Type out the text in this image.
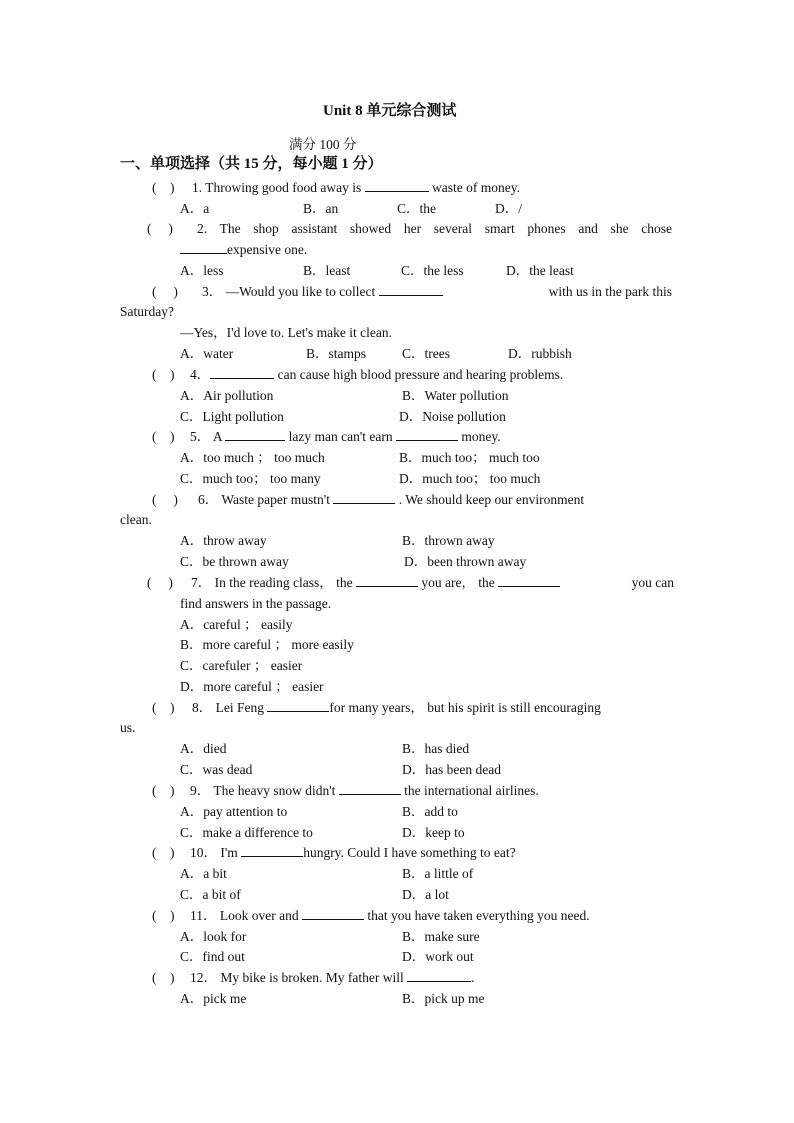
Unit 8 单元综合测试
满分 100 分
一、单项选择（共 15 分，每小题 1 分）
( ) 1. Throwing good food away is	waste of money.
A．a	B．an	C．the	D．/
( ) 2. The shop assistant showed her several smart phones and she chose
expensive one.
A．less	B．least	C．the less	D．the least
( ) 3． —Would you like to collect	with us in the park this
Saturday?
—Yes，I'd love to. Let's make it clean.
A．water	B．stamps	C．trees	D．rubbish
( ) 4．	can cause high blood pressure and hearing problems.
A．Air pollution	B．Water pollution
C．Light pollution	D．Noise pollution
( ) 5． A	lazy man can't earn	money.
A．too much ； too much	B．much too； much too
C．much too； too many	D．much too； too much
( ) 6． Waste paper mustn't	. We should keep our environment
clean.
A．throw away	B．thrown away
C．be thrown away	D．been thrown away
( ) 7． In the reading class， the	you are， the	you can
find answers in the passage.
A．careful ； easily
B．more careful ； more easily
C．carefuler ； easier
D．more careful ； easier
( ) 8． Lei Feng	for many years， but his spirit is still encouraging
us.
A．died	B．has died
C．was dead	D．has been dead
( ) 9． The heavy snow didn't	the international airlines.
A．pay attention to	B．add to
C．make a difference to	D．keep to
( ) 10． I'm	hungry. Could I have something to eat?
A．a bit	B．a little of
C．a bit of	D．a lot
( ) 11． Look over and	that you have taken everything you need.
A．look for	B．make sure
C．find out	D．work out
( ) 12． My bike is broken. My father will	.
A．pick me	B．pick up me
